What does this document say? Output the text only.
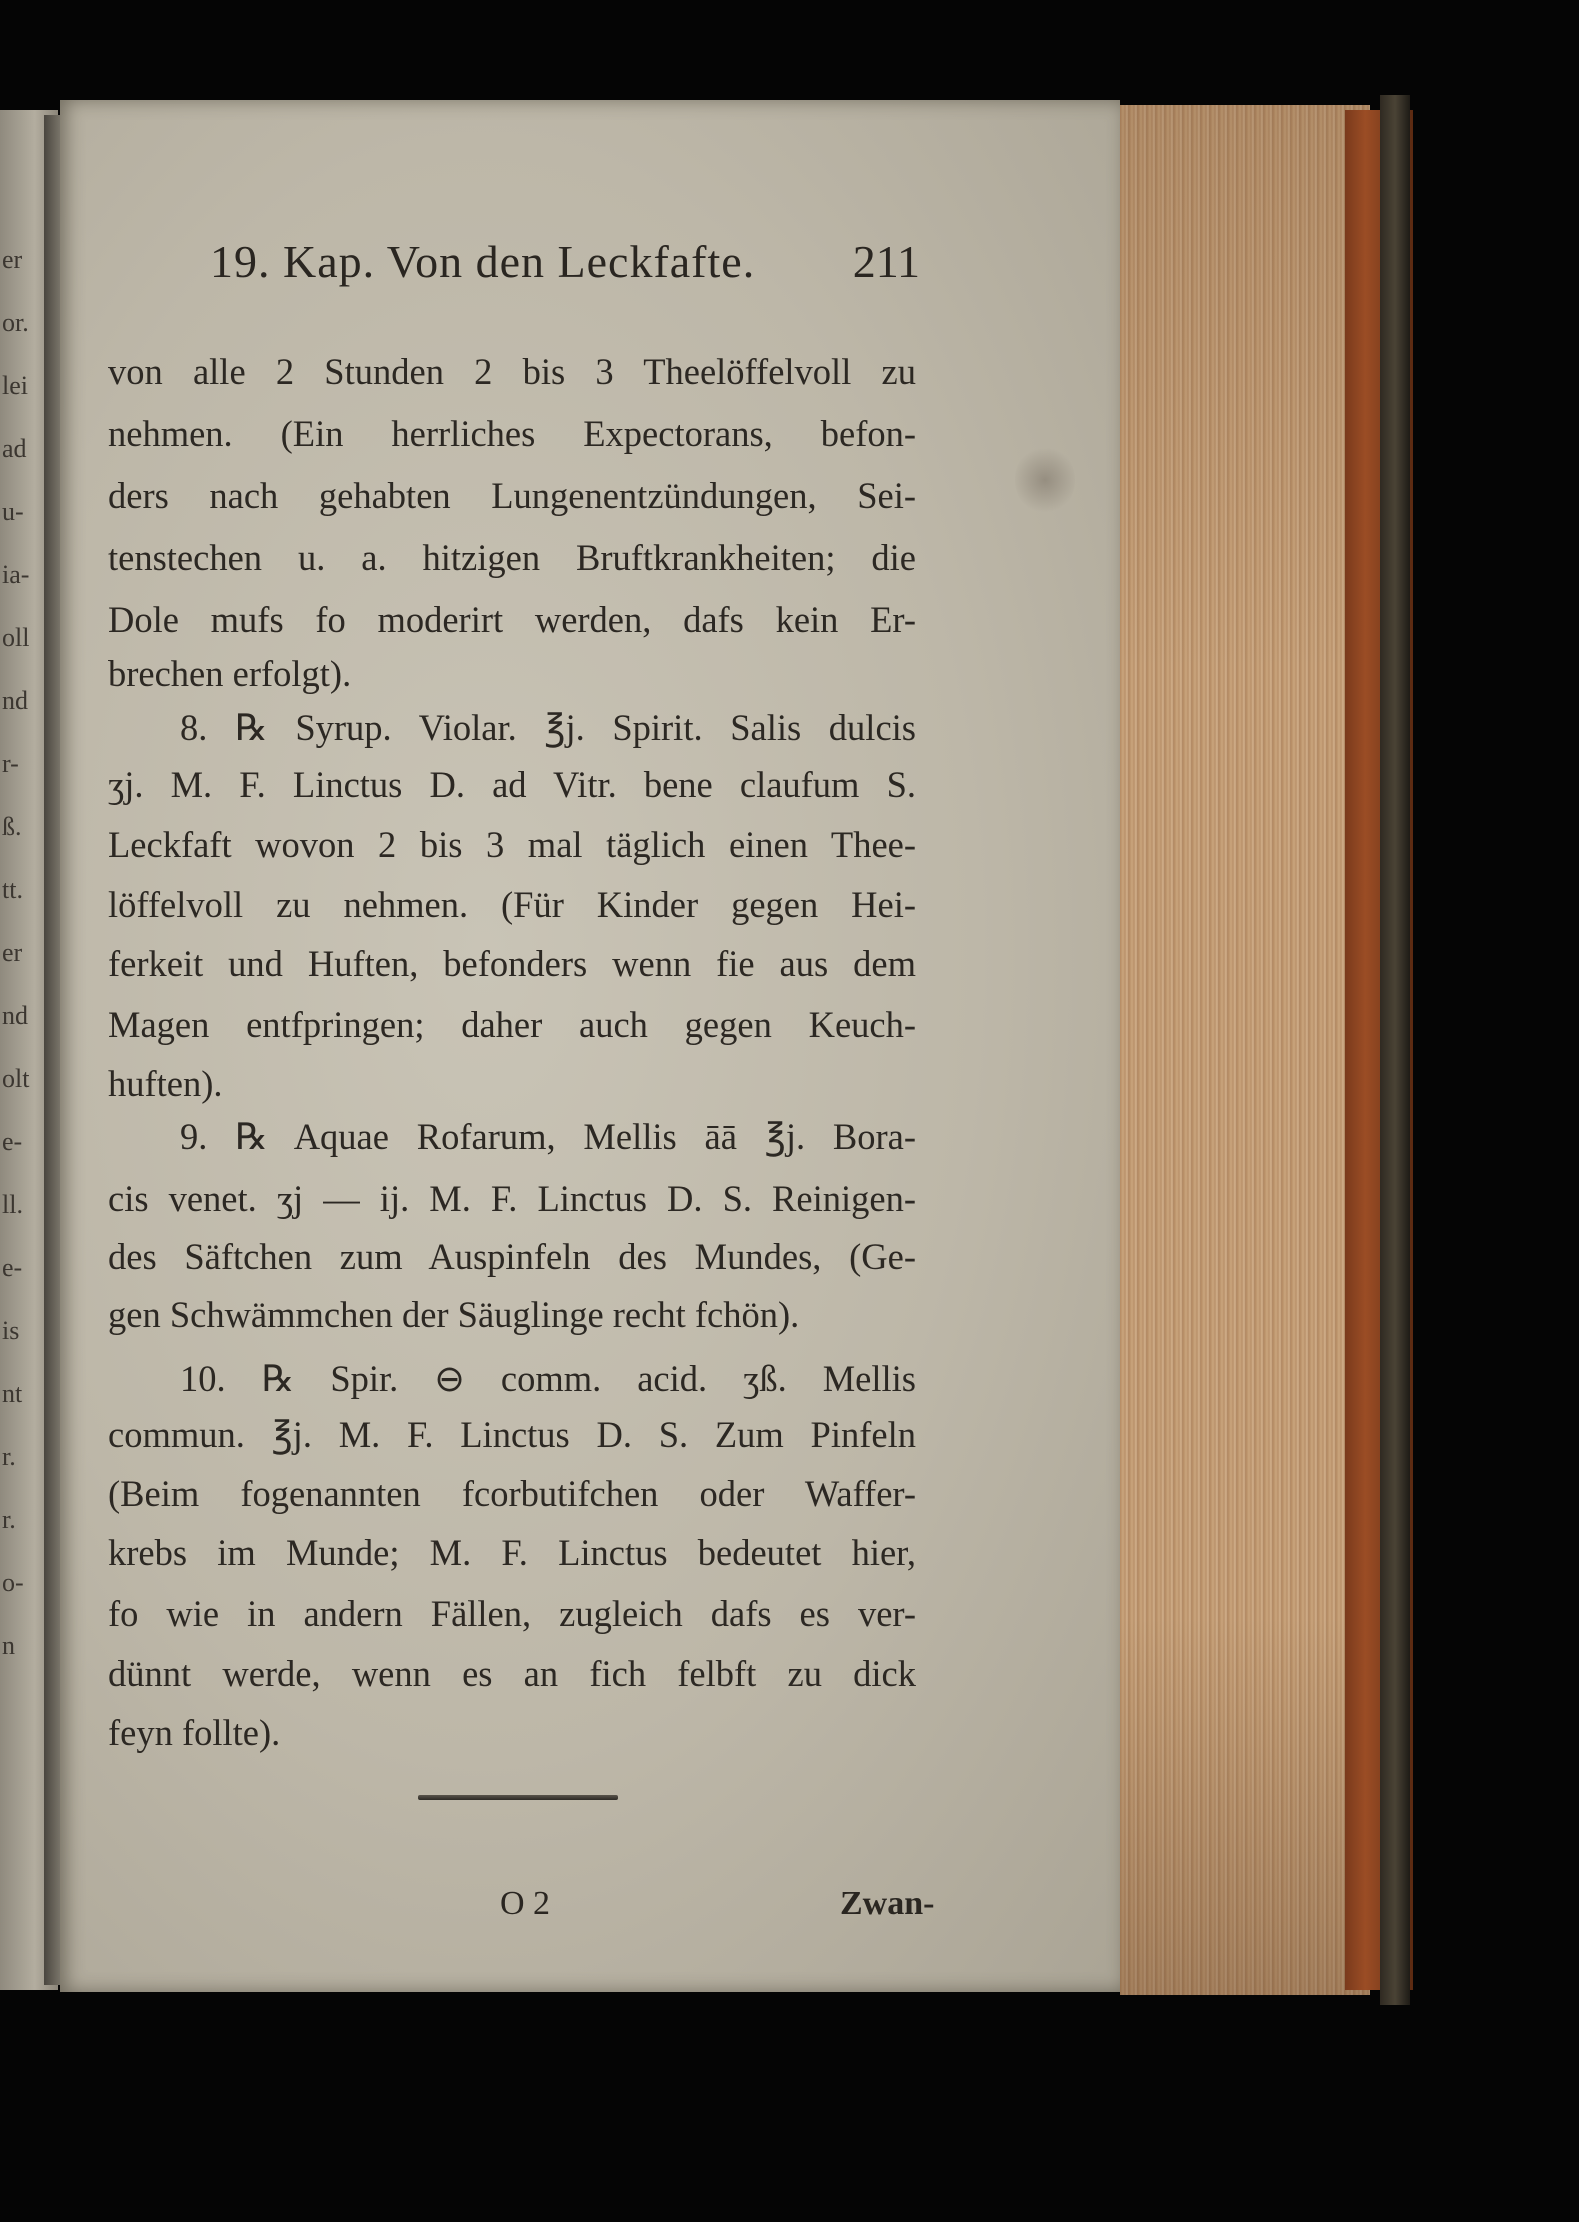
er
or.
lei
ad
u-
ia-
oll
nd
r-
ß.
tt.
er
nd
olt
e-
ll.
e-
is
nt
r.
r.
o-
n
19. Kap. Von den Leckfafte. 211
von alle 2 Stunden 2 bis 3 Theelöffelvoll zu
nehmen. (Ein herrliches Expectorans, befon-
ders nach gehabten Lungenentzündungen, Sei-
tenstechen u. a. hitzigen Bruftkrankheiten; die
Dole mufs fo moderirt werden, dafs kein Er-
brechen erfolgt).
8. ℞ Syrup. Violar. ℥j. Spirit. Salis dulcis
ʒj. M. F. Linctus D. ad Vitr. bene claufum S.
Leckfaft wovon 2 bis 3 mal täglich einen Thee-
löffelvoll zu nehmen. (Für Kinder gegen Hei-
ferkeit und Huften, befonders wenn fie aus dem
Magen entfpringen; daher auch gegen Keuch-
huften).
9. ℞ Aquae Rofarum, Mellis āā ℥j. Bora-
cis venet. ʒj — ij. M. F. Linctus D. S. Reinigen-
des Säftchen zum Auspinfeln des Mundes, (Ge-
gen Schwämmchen der Säuglinge recht fchön).
10. ℞ Spir. ⊖ comm. acid. ʒß. Mellis
commun. ℥j. M. F. Linctus D. S. Zum Pinfeln
(Beim fogenannten fcorbutifchen oder Waffer-
krebs im Munde; M. F. Linctus bedeutet hier,
fo wie in andern Fällen, zugleich dafs es ver-
dünnt werde, wenn es an fich felbft zu dick
feyn follte).
O 2	Zwan-
